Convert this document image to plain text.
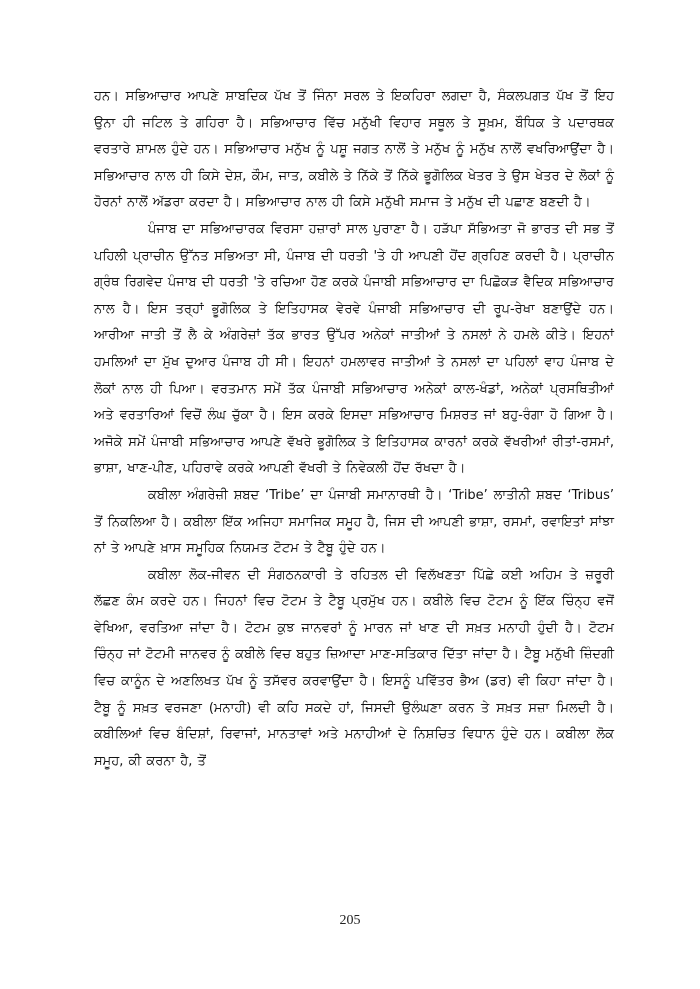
ਹਨ। ਸਭਿਆਚਾਰ ਆਪਣੇ ਸ਼ਾਬਦਿਕ ਪੱਖ ਤੋਂ ਜਿੰਨਾ ਸਰਲ ਤੇ ਇਕਹਿਰਾ ਲਗਦਾ ਹੈ, ਸੰਕਲਪਗਤ ਪੱਖ ਤੋਂ ਇਹ ਉਨਾ ਹੀ ਜਟਿਲ ਤੇ ਗਹਿਰਾ ਹੈ। ਸਭਿਆਚਾਰ ਵਿੱਚ ਮਨੁੱਖੀ ਵਿਹਾਰ ਸਥੂਲ ਤੇ ਸੂਖ਼ਮ, ਬੌਧਿਕ ਤੇ ਪਦਾਰਥਕ ਵਰਤਾਰੇ ਸ਼ਾਮਲ ਹੁੰਦੇ ਹਨ। ਸਭਿਆਚਾਰ ਮਨੁੱਖ ਨੂੰ ਪਸ਼ੂ ਜਗਤ ਨਾਲੋਂ ਤੇ ਮਨੁੱਖ ਨੂੰ ਮਨੁੱਖ ਨਾਲੋਂ ਵਖਰਿਆਉਂਦਾ ਹੈ। ਸਭਿਆਚਾਰ ਨਾਲ ਹੀ ਕਿਸੇ ਦੇਸ਼, ਕੌਮ, ਜਾਤ, ਕਬੀਲੇ ਤੇ ਨਿੱਕੇ ਤੋਂ ਨਿੱਕੇ ਭੂਗੋਲਿਕ ਖੇਤਰ ਤੇ ਉਸ ਖੇਤਰ ਦੇ ਲੋਕਾਂ ਨੂੰ ਹੋਰਨਾਂ ਨਾਲੋਂ ਅੱਡਰਾ ਕਰਦਾ ਹੈ। ਸਭਿਆਚਾਰ ਨਾਲ ਹੀ ਕਿਸੇ ਮਨੁੱਖੀ ਸਮਾਜ ਤੇ ਮਨੁੱਖ ਦੀ ਪਛਾਣ ਬਣਦੀ ਹੈ।

ਪੰਜਾਬ ਦਾ ਸਭਿਆਚਾਰਕ ਵਿਰਸਾ ਹਜ਼ਾਰਾਂ ਸਾਲ ਪੁਰਾਣਾ ਹੈ। ਹੜੱਪਾ ਸੱਭਿਅਤਾ ਜੋ ਭਾਰਤ ਦੀ ਸਭ ਤੋਂ ਪਹਿਲੀ ਪ੍ਰਾਚੀਨ ਉੱਨਤ ਸਭਿਅਤਾ ਸੀ, ਪੰਜਾਬ ਦੀ ਧਰਤੀ 'ਤੇ ਹੀ ਆਪਣੀ ਹੋਂਦ ਗ੍ਰਹਿਣ ਕਰਦੀ ਹੈ। ਪ੍ਰਾਚੀਨ ਗ੍ਰੰਥ ਰਿਗਵੇਦ ਪੰਜਾਬ ਦੀ ਧਰਤੀ 'ਤੇ ਰਚਿਆ ਹੋਣ ਕਰਕੇ ਪੰਜਾਬੀ ਸਭਿਆਚਾਰ ਦਾ ਪਿਛੋਕੜ ਵੈਦਿਕ ਸਭਿਆਚਾਰ ਨਾਲ ਹੈ। ਇਸ ਤਰ੍ਹਾਂ ਭੂਗੋਲਿਕ ਤੇ ਇਤਿਹਾਸਕ ਵੇਰਵੇ ਪੰਜਾਬੀ ਸਭਿਆਚਾਰ ਦੀ ਰੂਪ-ਰੇਖਾ ਬਣਾਉਂਦੇ ਹਨ। ਆਰੀਆ ਜਾਤੀ ਤੋਂ ਲੈ ਕੇ ਅੰਗਰੇਜ਼ਾਂ ਤੱਕ ਭਾਰਤ ਉੱਪਰ ਅਨੇਕਾਂ ਜਾਤੀਆਂ ਤੇ ਨਸਲਾਂ ਨੇ ਹਮਲੇ ਕੀਤੇ। ਇਹਨਾਂ ਹਮਲਿਆਂ ਦਾ ਮੁੱਖ ਦੁਆਰ ਪੰਜਾਬ ਹੀ ਸੀ। ਇਹਨਾਂ ਹਮਲਾਵਰ ਜਾਤੀਆਂ ਤੇ ਨਸਲਾਂ ਦਾ ਪਹਿਲਾਂ ਵਾਹ ਪੰਜਾਬ ਦੇ ਲੋਕਾਂ ਨਾਲ ਹੀ ਪਿਆ। ਵਰਤਮਾਨ ਸਮੇਂ ਤੱਕ ਪੰਜਾਬੀ ਸਭਿਆਚਾਰ ਅਨੇਕਾਂ ਕਾਲ-ਖੰਡਾਂ, ਅਨੇਕਾਂ ਪ੍ਰਸਥਿਤੀਆਂ ਅਤੇ ਵਰਤਾਰਿਆਂ ਵਿਚੋਂ ਲੰਘ ਚੁੱਕਾ ਹੈ। ਇਸ ਕਰਕੇ ਇਸਦਾ ਸਭਿਆਚਾਰ ਮਿਸ਼ਰਤ ਜਾਂ ਬਹੁ-ਰੰਗਾ ਹੋ ਗਿਆ ਹੈ। ਅਜੋਕੇ ਸਮੇਂ ਪੰਜਾਬੀ ਸਭਿਆਚਾਰ ਆਪਣੇ ਵੱਖਰੇ ਭੂਗੋਲਿਕ ਤੇ ਇਤਿਹਾਸਕ ਕਾਰਨਾਂ ਕਰਕੇ ਵੱਖਰੀਆਂ ਰੀਤਾਂ-ਰਸਮਾਂ, ਭਾਸ਼ਾ, ਖਾਣ-ਪੀਣ, ਪਹਿਰਾਵੇ ਕਰਕੇ ਆਪਣੀ ਵੱਖਰੀ ਤੇ ਨਿਵੇਕਲੀ ਹੋਂਦ ਰੱਖਦਾ ਹੈ।

ਕਬੀਲਾ ਅੰਗਰੇਜ਼ੀ ਸ਼ਬਦ ‘Tribe’ ਦਾ ਪੰਜਾਬੀ ਸਮਾਨਾਰਥੀ ਹੈ। ‘Tribe’ ਲਾਤੀਨੀ ਸ਼ਬਦ ‘Tribus’ ਤੋਂ ਨਿਕਲਿਆ ਹੈ। ਕਬੀਲਾ ਇੱਕ ਅਜਿਹਾ ਸਮਾਜਿਕ ਸਮੂਹ ਹੈ, ਜਿਸ ਦੀ ਆਪਣੀ ਭਾਸ਼ਾ, ਰਸਮਾਂ, ਰਵਾਇਤਾਂ ਸਾਂਝਾ ਨਾਂ ਤੇ ਆਪਣੇ ਖ਼ਾਸ ਸਮੂਹਿਕ ਨਿਯਮਤ ਟੋਟਮ ਤੇ ਟੈਬੂ ਹੁੰਦੇ ਹਨ।

ਕਬੀਲਾ ਲੋਕ-ਜੀਵਨ ਦੀ ਸੰਗਠਨਕਾਰੀ ਤੇ ਰਹਿਤਲ ਦੀ ਵਿਲੱਖਣਤਾ ਪਿੱਛੇ ਕਈ ਅਹਿਮ ਤੇ ਜ਼ਰੂਰੀ ਲੱਛਣ ਕੰਮ ਕਰਦੇ ਹਨ। ਜਿਹਨਾਂ ਵਿਚ ਟੋਟਮ ਤੇ ਟੈਬੂ ਪ੍ਰਮੁੱਖ ਹਨ। ਕਬੀਲੇ ਵਿਚ ਟੋਟਮ ਨੂੰ ਇੱਕ ਚਿੰਨ੍ਹ ਵਜੋਂ ਵੇਖਿਆ, ਵਰਤਿਆ ਜਾਂਦਾ ਹੈ। ਟੋਟਮ ਕੁਝ ਜਾਨਵਰਾਂ ਨੂੰ ਮਾਰਨ ਜਾਂ ਖਾਣ ਦੀ ਸਖ਼ਤ ਮਨਾਹੀ ਹੁੰਦੀ ਹੈ। ਟੋਟਮ ਚਿੰਨ੍ਹ ਜਾਂ ਟੋਟਮੀ ਜਾਨਵਰ ਨੂੰ ਕਬੀਲੇ ਵਿਚ ਬਹੁਤ ਜ਼ਿਆਦਾ ਮਾਣ-ਸਤਿਕਾਰ ਦਿੱਤਾ ਜਾਂਦਾ ਹੈ। ਟੈਬੂ ਮਨੁੱਖੀ ਜ਼ਿੰਦਗੀ ਵਿਚ ਕਾਨੂੰਨ ਦੇ ਅਣਲਿਖਤ ਪੱਖ ਨੂੰ ਤਸੱਵਰ ਕਰਵਾਉਂਦਾ ਹੈ। ਇਸਨੂੰ ਪਵਿੱਤਰ ਭੈਅ (ਡਰ) ਵੀ ਕਿਹਾ ਜਾਂਦਾ ਹੈ। ਟੈਬੂ ਨੂੰ ਸਖ਼ਤ ਵਰਜਣਾ (ਮਨਾਹੀ) ਵੀ ਕਹਿ ਸਕਦੇ ਹਾਂ, ਜਿਸਦੀ ਉਲੰਘਣਾ ਕਰਨ ਤੇ ਸਖ਼ਤ ਸਜ਼ਾ ਮਿਲਦੀ ਹੈ। ਕਬੀਲਿਆਂ ਵਿਚ ਬੰਦਿਸ਼ਾਂ, ਰਿਵਾਜਾਂ, ਮਾਨਤਾਵਾਂ ਅਤੇ ਮਨਾਹੀਆਂ ਦੇ ਨਿਸ਼ਚਿਤ ਵਿਧਾਨ ਹੁੰਦੇ ਹਨ। ਕਬੀਲਾ ਲੋਕ ਸਮੂਹ, ਕੀ ਕਰਨਾ ਹੈ, ਤੋਂ

205
